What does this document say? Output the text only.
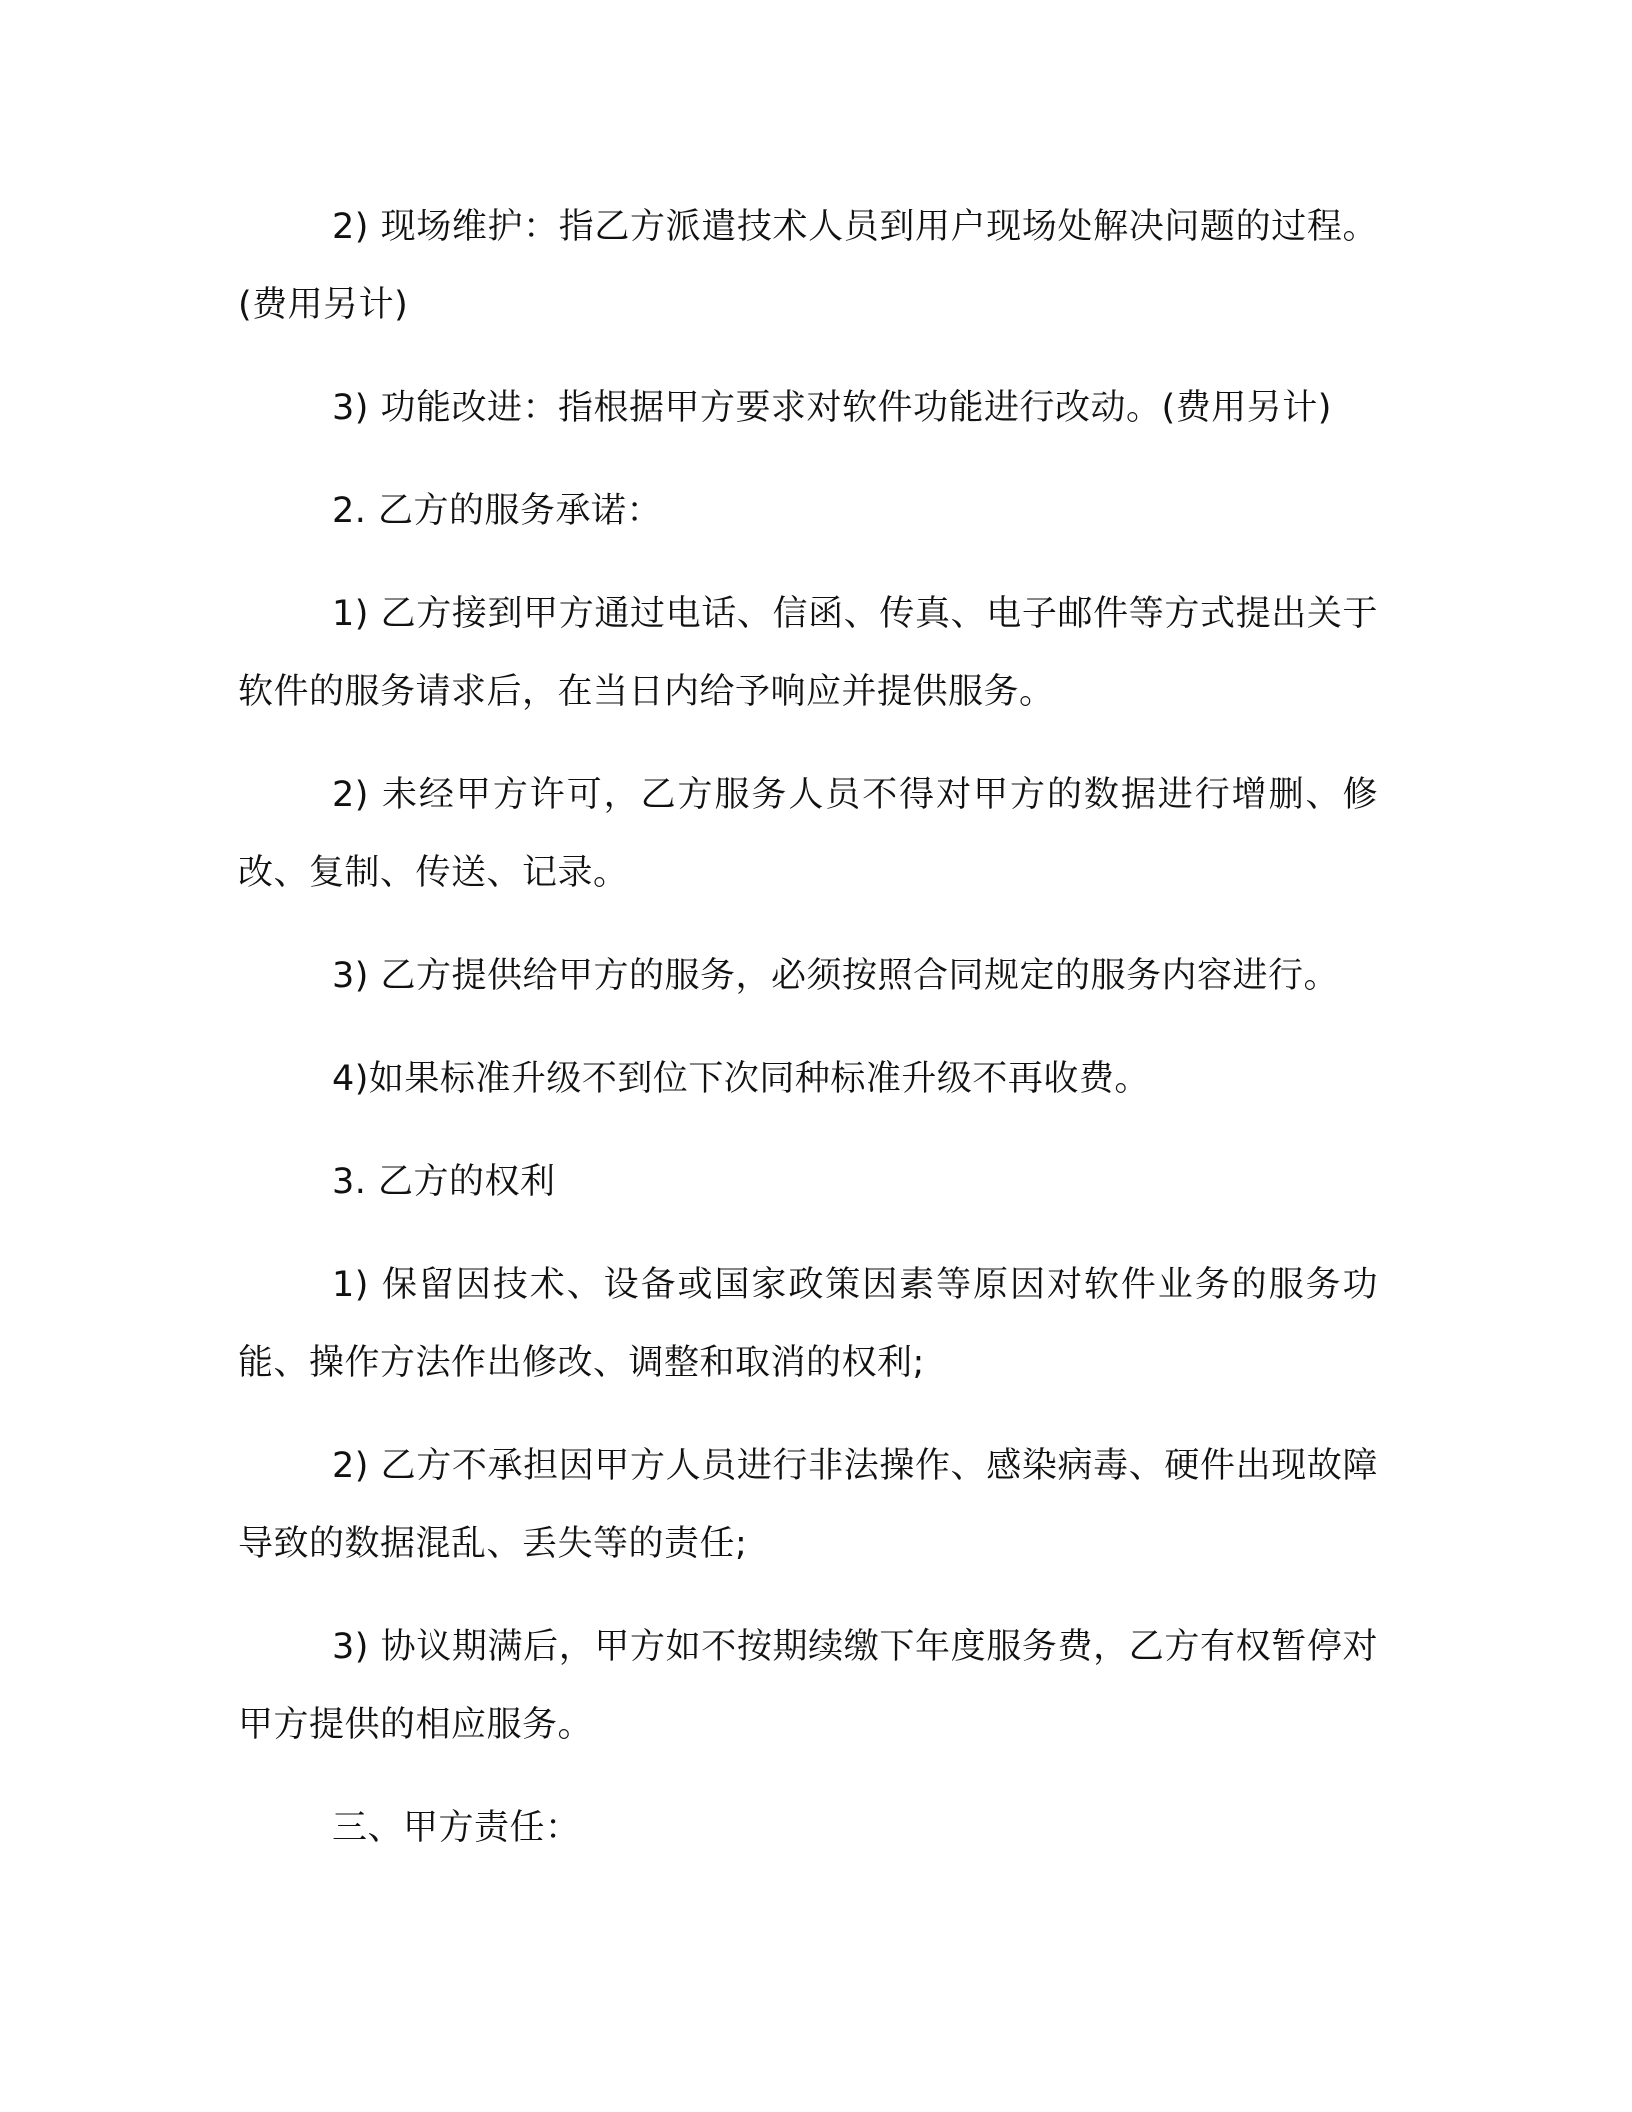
2) 现场维护：指乙方派遣技术人员到用户现场处解决问题的过程。(费用另计)

3) 功能改进：指根据甲方要求对软件功能进行改动。(费用另计)

2. 乙方的服务承诺：

1) 乙方接到甲方通过电话、信函、传真、电子邮件等方式提出关于软件的服务请求后，在当日内给予响应并提供服务。

2) 未经甲方许可，乙方服务人员不得对甲方的数据进行增删、修改、复制、传送、记录。

3) 乙方提供给甲方的服务，必须按照合同规定的服务内容进行。

4)如果标准升级不到位下次同种标准升级不再收费。

3. 乙方的权利

1) 保留因技术、设备或国家政策因素等原因对软件业务的服务功能、操作方法作出修改、调整和取消的权利;

2) 乙方不承担因甲方人员进行非法操作、感染病毒、硬件出现故障导致的数据混乱、丢失等的责任;

3) 协议期满后，甲方如不按期续缴下年度服务费，乙方有权暂停对甲方提供的相应服务。

三、甲方责任：
